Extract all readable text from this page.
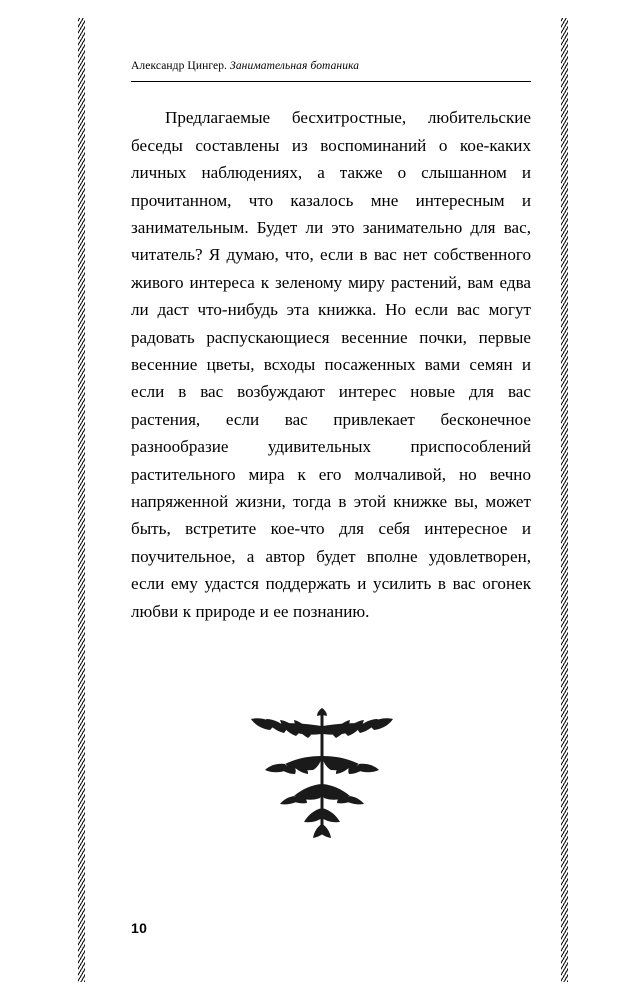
Александр Цингер. Занимательная ботаника

Предлагаемые бесхитростные, любительские беседы составлены из воспоминаний о кое-каких личных наблюдениях, а также о слышанном и прочитанном, что казалось мне интересным и занимательным. Будет ли это занимательно для вас, читатель? Я думаю, что, если в вас нет собственного живого интереса к зеленому миру растений, вам едва ли даст что-нибудь эта книжка. Но если вас могут радовать распускающиеся весенние почки, первые весенние цветы, всходы посаженных вами семян и если в вас возбуждают интерес новые для вас растения, если вас привлекает бесконечное разнообразие удивительных приспособлений растительного мира к его молчаливой, но вечно напряженной жизни, тогда в этой книжке вы, может быть, встретите кое-что для себя интересное и поучительное, а автор будет вполне удовлетворен, если ему удастся поддержать и усилить в вас огонек любви к природе и ее познанию.

10
